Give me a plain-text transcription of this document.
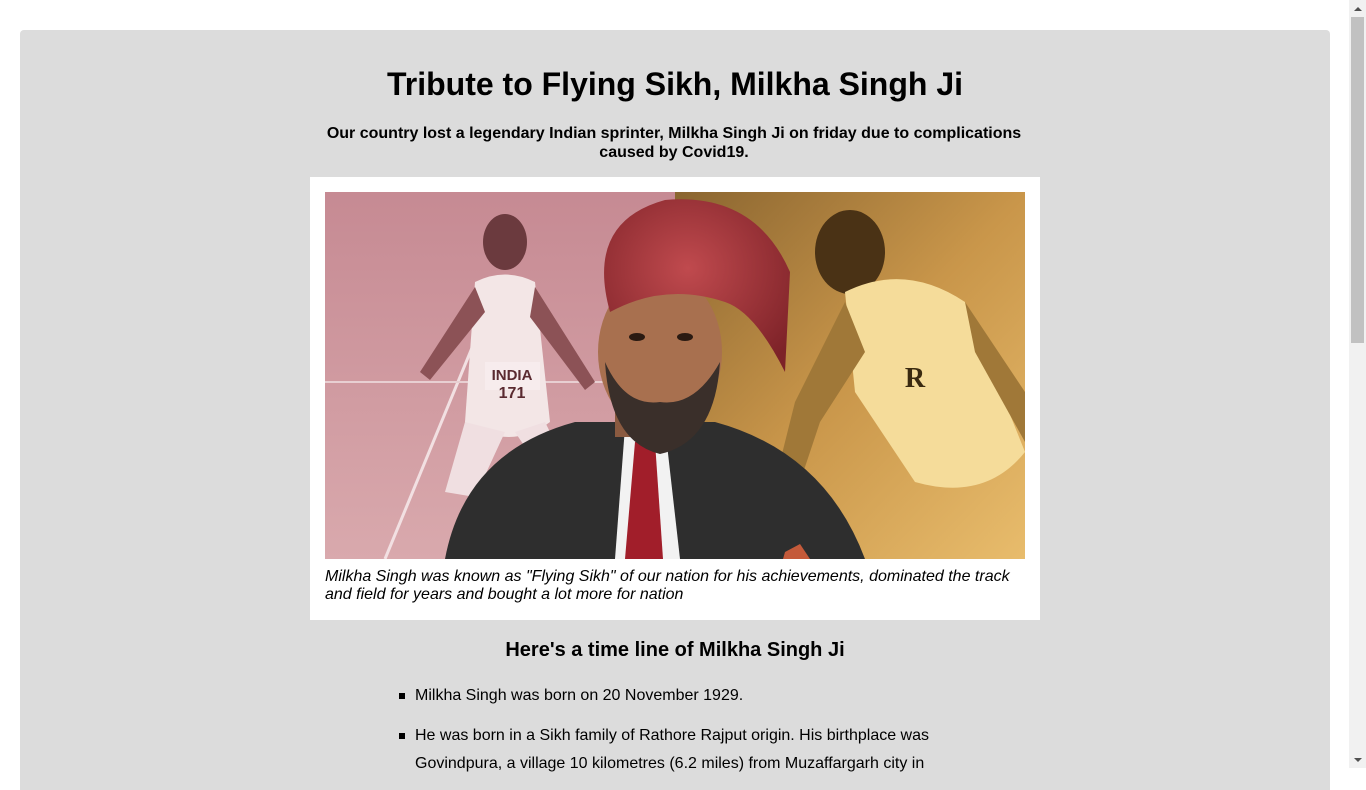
Tribute to Flying Sikh, Milkha Singh Ji

Our country lost a legendary Indian sprinter, Milkha Singh Ji on friday due to complications caused by Covid19.

INDIA
171	R

Milkha Singh was known as "Flying Sikh" of our nation for his achievements, dominated the track and field for years and bought a lot more for nation

Here's a time line of Milkha Singh Ji
Milkha Singh was born on 20 November 1929.
He was born in a Sikh family of Rathore Rajput origin. His birthplace was Govindpura, a village 10 kilometres (6.2 miles) from Muzaffargarh city in
